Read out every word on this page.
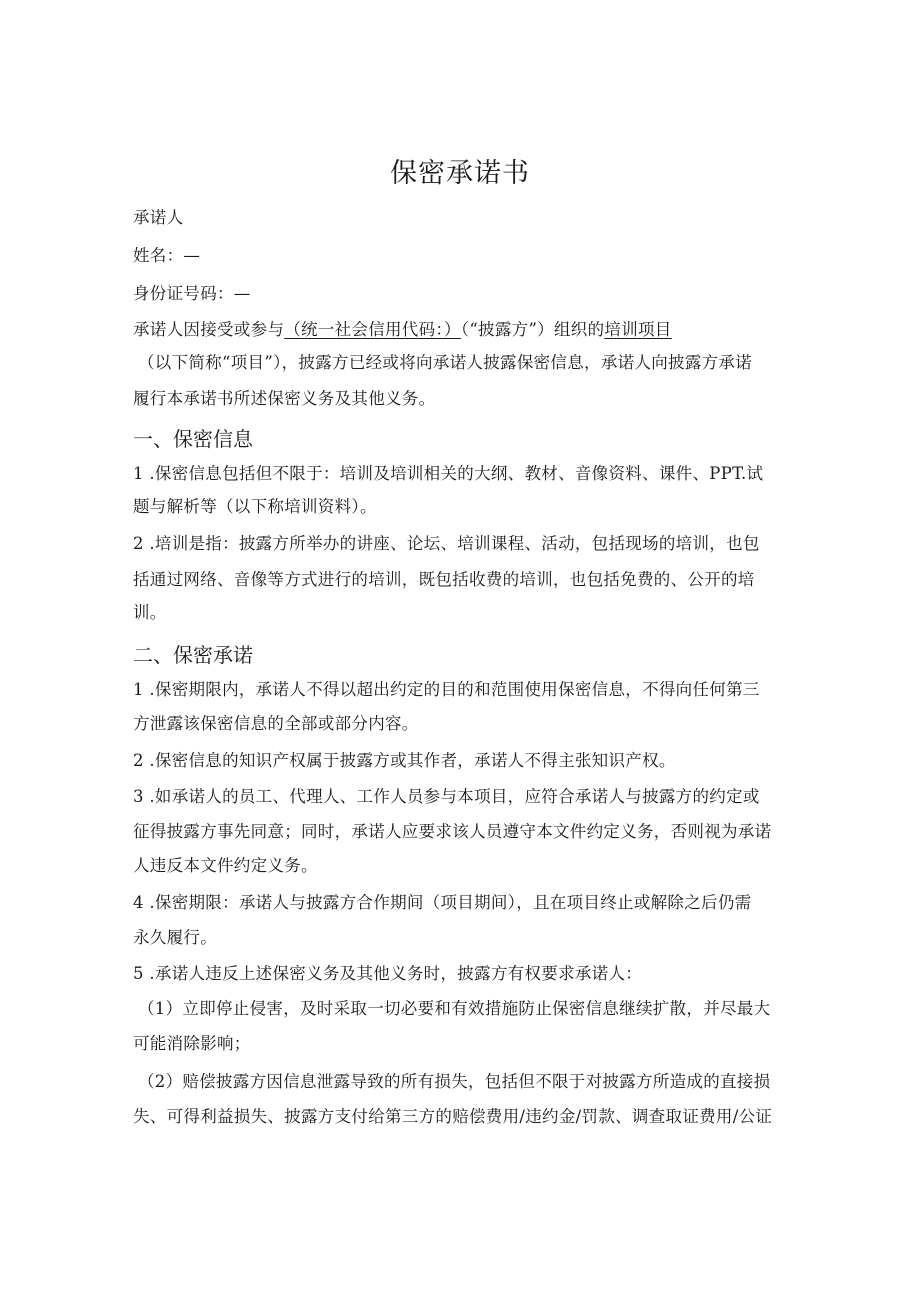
保密承诺书
承诺人
姓名：—
身份证号码：—
承诺人因接受或参与（统一社会信用代码：）（“披露方”）组织的培训项目
（以下简称“项目”），披露方已经或将向承诺人披露保密信息，承诺人向披露方承诺
履行本承诺书所述保密义务及其他义务。
一、保密信息
1 .保密信息包括但不限于：培训及培训相关的大纲、教材、音像资料、课件、PPT.试
题与解析等（以下称培训资料）。
2 .培训是指：披露方所举办的讲座、论坛、培训课程、活动，包括现场的培训，也包
括通过网络、音像等方式进行的培训，既包括收费的培训，也包括免费的、公开的培
训。
二、保密承诺
1 .保密期限内，承诺人不得以超出约定的目的和范围使用保密信息，不得向任何第三
方泄露该保密信息的全部或部分内容。
2 .保密信息的知识产权属于披露方或其作者，承诺人不得主张知识产权。
3 .如承诺人的员工、代理人、工作人员参与本项目，应符合承诺人与披露方的约定或
征得披露方事先同意；同时，承诺人应要求该人员遵守本文件约定义务，否则视为承诺
人违反本文件约定义务。
4 .保密期限：承诺人与披露方合作期间（项目期间），且在项目终止或解除之后仍需
永久履行。
5 .承诺人违反上述保密义务及其他义务时，披露方有权要求承诺人：
（1）立即停止侵害，及时采取一切必要和有效措施防止保密信息继续扩散，并尽最大
可能消除影响；
（2）赔偿披露方因信息泄露导致的所有损失，包括但不限于对披露方所造成的直接损
失、可得利益损失、披露方支付给第三方的赔偿费用/违约金/罚款、调查取证费用/公证
